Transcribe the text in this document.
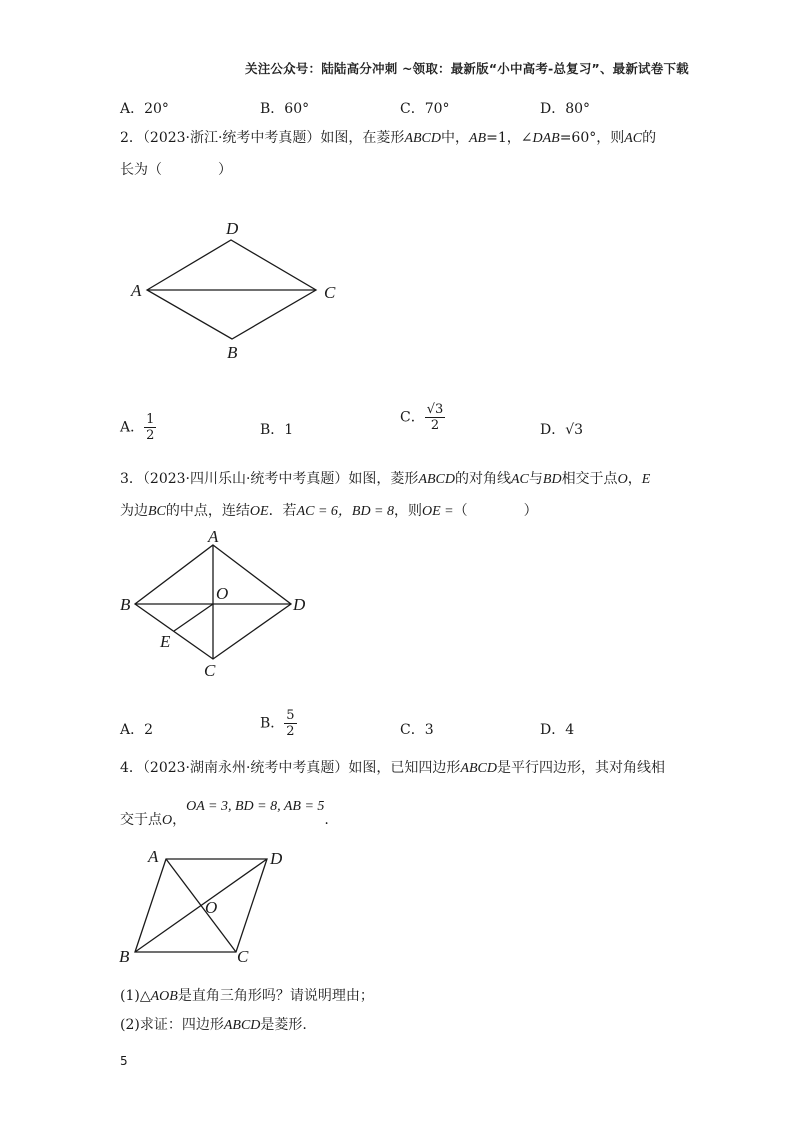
关注公众号：陆陆高分冲刺 ~领取：最新版“小中高考-总复习”、最新试卷下载
A．20°	B．60°	C．70°	D．80°
2．（2023·浙江·统考中考真题）如图，在菱形ABCD中，AB=1，∠DAB=60°，则AC的
长为（　　　　）
D
A	C
B
A
B
O
D
E
C
A	D
O
B	C
A． $\frac{1}{2}$	B．1
C． $\frac{√3}{2}$	D．√3
3．（2023·四川乐山·统考中考真题）如图，菱形ABCD的对角线AC与BD相交于点O，E
为边BC的中点，连结OE．若AC = 6，BD = 8，则OE =（　　　　）
A．2	B． $\frac{5}{2}$	C．3	D．4
4．（2023·湖南永州·统考中考真题）如图，已知四边形ABCD是平行四边形，其对角线相
交于点O，OA = 3, BD = 8, AB = 5.
(1)△AOB是直角三角形吗？请说明理由；
(2)求证：四边形ABCD是菱形.
5
